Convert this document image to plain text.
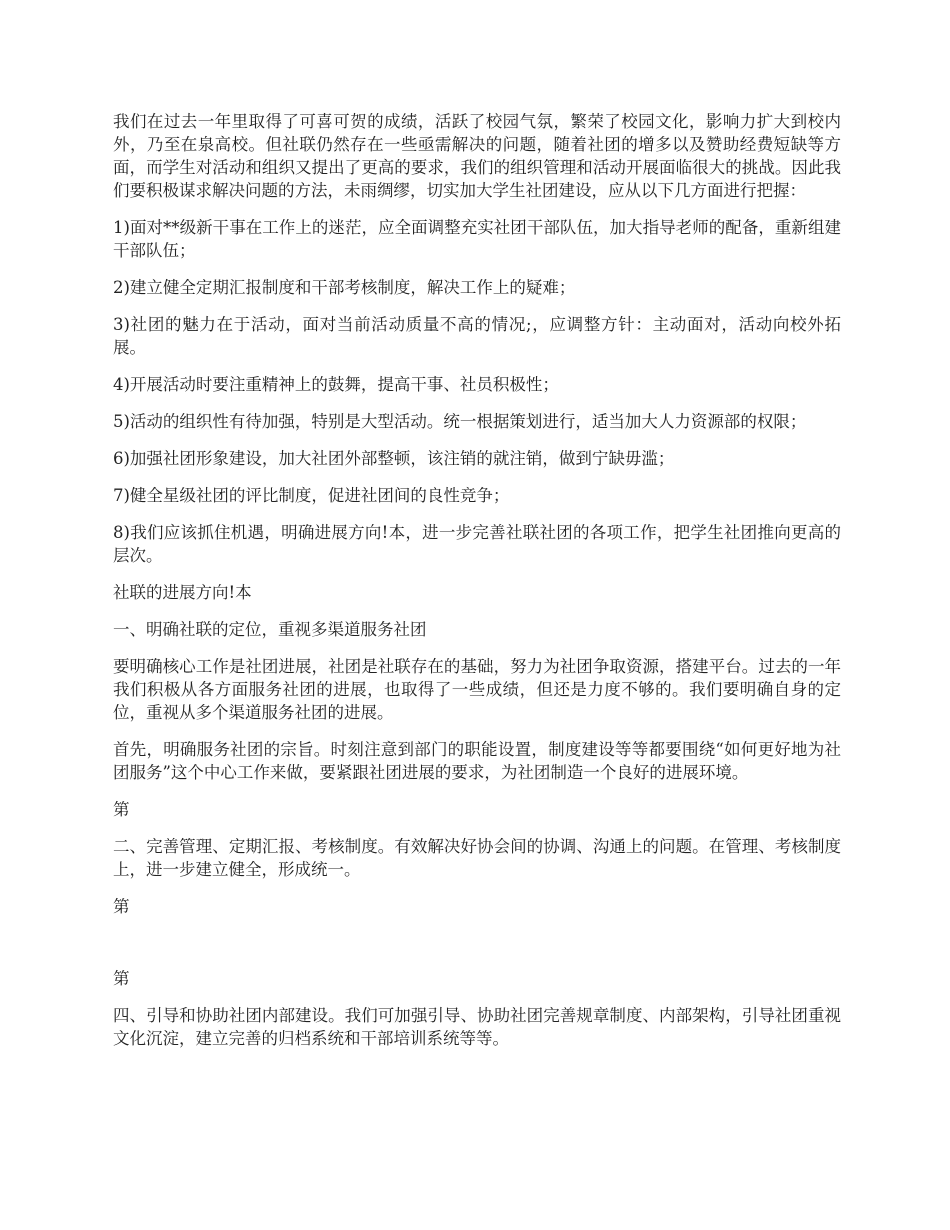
我们在过去一年里取得了可喜可贺的成绩，活跃了校园气氛，繁荣了校园文化，影响力扩大到校内外，乃至在泉高校。但社联仍然存在一些亟需解决的问题，随着社团的增多以及赞助经费短缺等方面，而学生对活动和组织又提出了更高的要求，我们的组织管理和活动开展面临很大的挑战。因此我们要积极谋求解决问题的方法，未雨绸缪，切实加大学生社团建设，应从以下几方面进行把握：

1)面对**级新干事在工作上的迷茫，应全面调整充实社团干部队伍，加大指导老师的配备，重新组建干部队伍；

2)建立健全定期汇报制度和干部考核制度，解决工作上的疑难；

3)社团的魅力在于活动，面对当前活动质量不高的情况;，应调整方针：主动面对，活动向校外拓展。

4)开展活动时要注重精神上的鼓舞，提高干事、社员积极性；

5)活动的组织性有待加强，特别是大型活动。统一根据策划进行，适当加大人力资源部的权限；

6)加强社团形象建设，加大社团外部整顿，该注销的就注销，做到宁缺毋滥；

7)健全星级社团的评比制度，促进社团间的良性竞争；

8)我们应该抓住机遇，明确进展方向!本，进一步完善社联社团的各项工作，把学生社团推向更高的层次。

社联的进展方向!本

一、明确社联的定位，重视多渠道服务社团

要明确核心工作是社团进展，社团是社联存在的基础，努力为社团争取资源，搭建平台。过去的一年我们积极从各方面服务社团的进展，也取得了一些成绩，但还是力度不够的。我们要明确自身的定位，重视从多个渠道服务社团的进展。

首先，明确服务社团的宗旨。时刻注意到部门的职能设置，制度建设等等都要围绕“如何更好地为社团服务”这个中心工作来做，要紧跟社团进展的要求，为社团制造一个良好的进展环境。

第

二、完善管理、定期汇报、考核制度。有效解决好协会间的协调、沟通上的问题。在管理、考核制度上，进一步建立健全，形成统一。

第

第

四、引导和协助社团内部建设。我们可加强引导、协助社团完善规章制度、内部架构，引导社团重视文化沉淀，建立完善的归档系统和干部培训系统等等。
